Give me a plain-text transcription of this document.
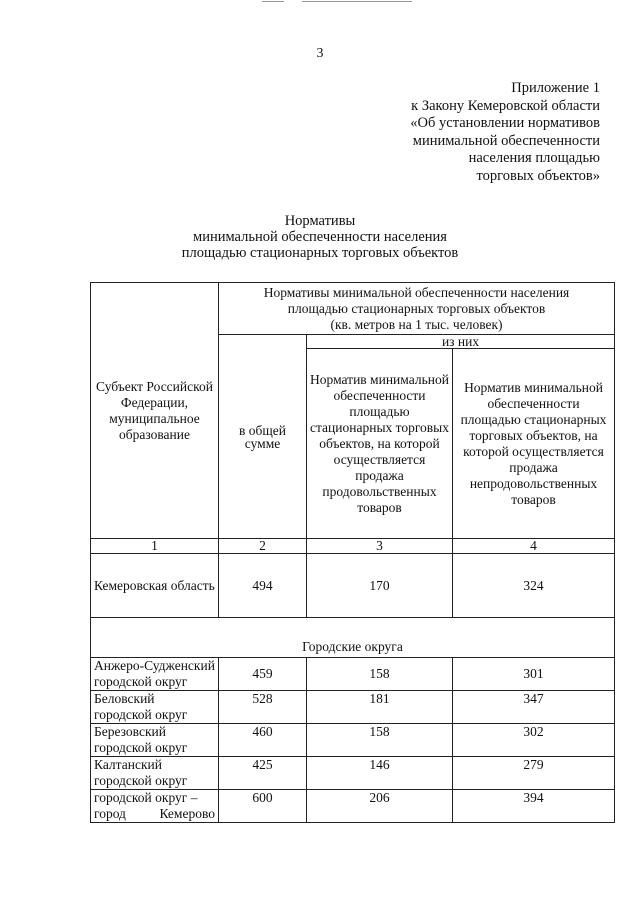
3
Приложение 1
к Закону Кемеровской области
«Об установлении нормативов
минимальной обеспеченности
населения площадью
торговых объектов»
Нормативы
минимальной обеспеченности населения
площадью стационарных торговых объектов
Субъект Российской Федерации, муниципальное образование	Нормативы минимальной обеспеченности населения
площадью стационарных торговых объектов
(кв. метров на 1 тыс. человек)		

	в общей сумме	из них	
		Норматив минимальной обеспеченности площадью стационарных торговых объектов, на которой осуществляется продажа продовольственных товаров	Норматив минимальной обеспеченности площадью стационарных торговых объектов, на которой осуществляется продажа непродовольственных товаров
1	2	3	4
Кемеровская область	494	170	324
Городские округа			
Анжеро-Судженский городской округ	459	158	301
Беловский городской округ	528	181	347
Березовский городской округ	460	158	302
Калтанский городской округ	425	146	279
городской округ – город Кемерово	600	206	394
